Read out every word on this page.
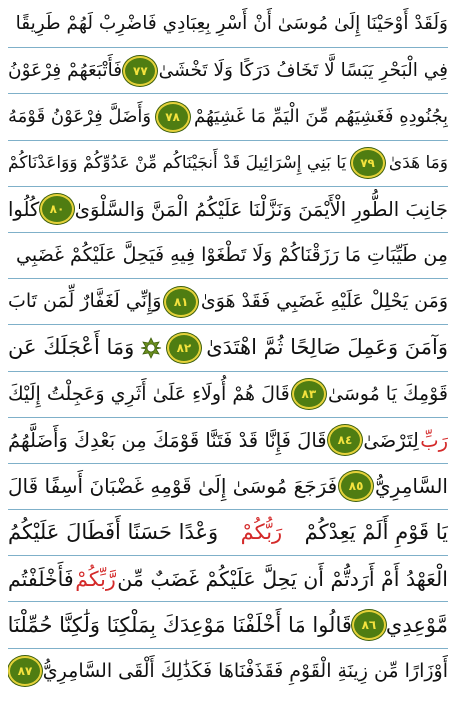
وَلَقَدْ أَوْحَيْنَا إِلَىٰ مُوسَىٰ أَنْ أَسْرِ بِعِبَادِي فَاضْرِبْ لَهُمْ طَرِيقًا
فِي الْبَحْرِ يَبَسًا لَّا تَخَافُ دَرَكًا وَلَا تَخْشَىٰ
٧٧
فَأَتْبَعَهُمْ فِرْعَوْنُ
بِجُنُودِهِ فَغَشِيَهُم مِّنَ الْيَمِّ مَا غَشِيَهُمْ
٧٨
وَأَضَلَّ فِرْعَوْنُ قَوْمَهُ
وَمَا هَدَىٰ
٧٩
يَا بَنِي إِسْرَائِيلَ قَدْ أَنجَيْنَاكُم مِّنْ عَدُوِّكُمْ وَوَاعَدْنَاكُمْ
جَانِبَ الطُّورِ الْأَيْمَنَ وَنَزَّلْنَا عَلَيْكُمُ الْمَنَّ وَالسَّلْوَىٰ
٨٠
كُلُوا
مِن طَيِّبَاتِ مَا رَزَقْنَاكُمْ وَلَا تَطْغَوْا فِيهِ فَيَحِلَّ عَلَيْكُمْ غَضَبِي
وَمَن يَحْلِلْ عَلَيْهِ غَضَبِي فَقَدْ هَوَىٰ
٨١
وَإِنِّي لَغَفَّارٌ لِّمَن تَابَ
وَآمَنَ وَعَمِلَ صَالِحًا ثُمَّ اهْتَدَىٰ
٨٢
وَمَا أَعْجَلَكَ عَن
قَوْمِكَ يَا مُوسَىٰ
٨٣
قَالَ هُمْ أُولَاءِ عَلَىٰ أَثَرِي وَعَجِلْتُ إِلَيْكَ
رَبِّ
لِتَرْضَىٰ
٨٤
قَالَ فَإِنَّا قَدْ فَتَنَّا قَوْمَكَ مِن بَعْدِكَ وَأَضَلَّهُمُ
السَّامِرِيُّ
٨٥
فَرَجَعَ مُوسَىٰ إِلَىٰ قَوْمِهِ غَضْبَانَ أَسِفًا قَالَ
يَا قَوْمِ أَلَمْ يَعِدْكُمْ
رَبُّكُمْ
وَعْدًا حَسَنًا أَفَطَالَ عَلَيْكُمُ
الْعَهْدُ أَمْ أَرَدتُّمْ أَن يَحِلَّ عَلَيْكُمْ غَضَبٌ مِّن
رَّبِّكُمْ
فَأَخْلَفْتُم
مَّوْعِدِي
٨٦
قَالُوا مَا أَخْلَفْنَا مَوْعِدَكَ بِمَلْكِنَا وَلَٰكِنَّا حُمِّلْنَا
أَوْزَارًا مِّن زِينَةِ الْقَوْمِ فَقَذَفْنَاهَا فَكَذَٰلِكَ أَلْقَى السَّامِرِيُّ
٨٧
